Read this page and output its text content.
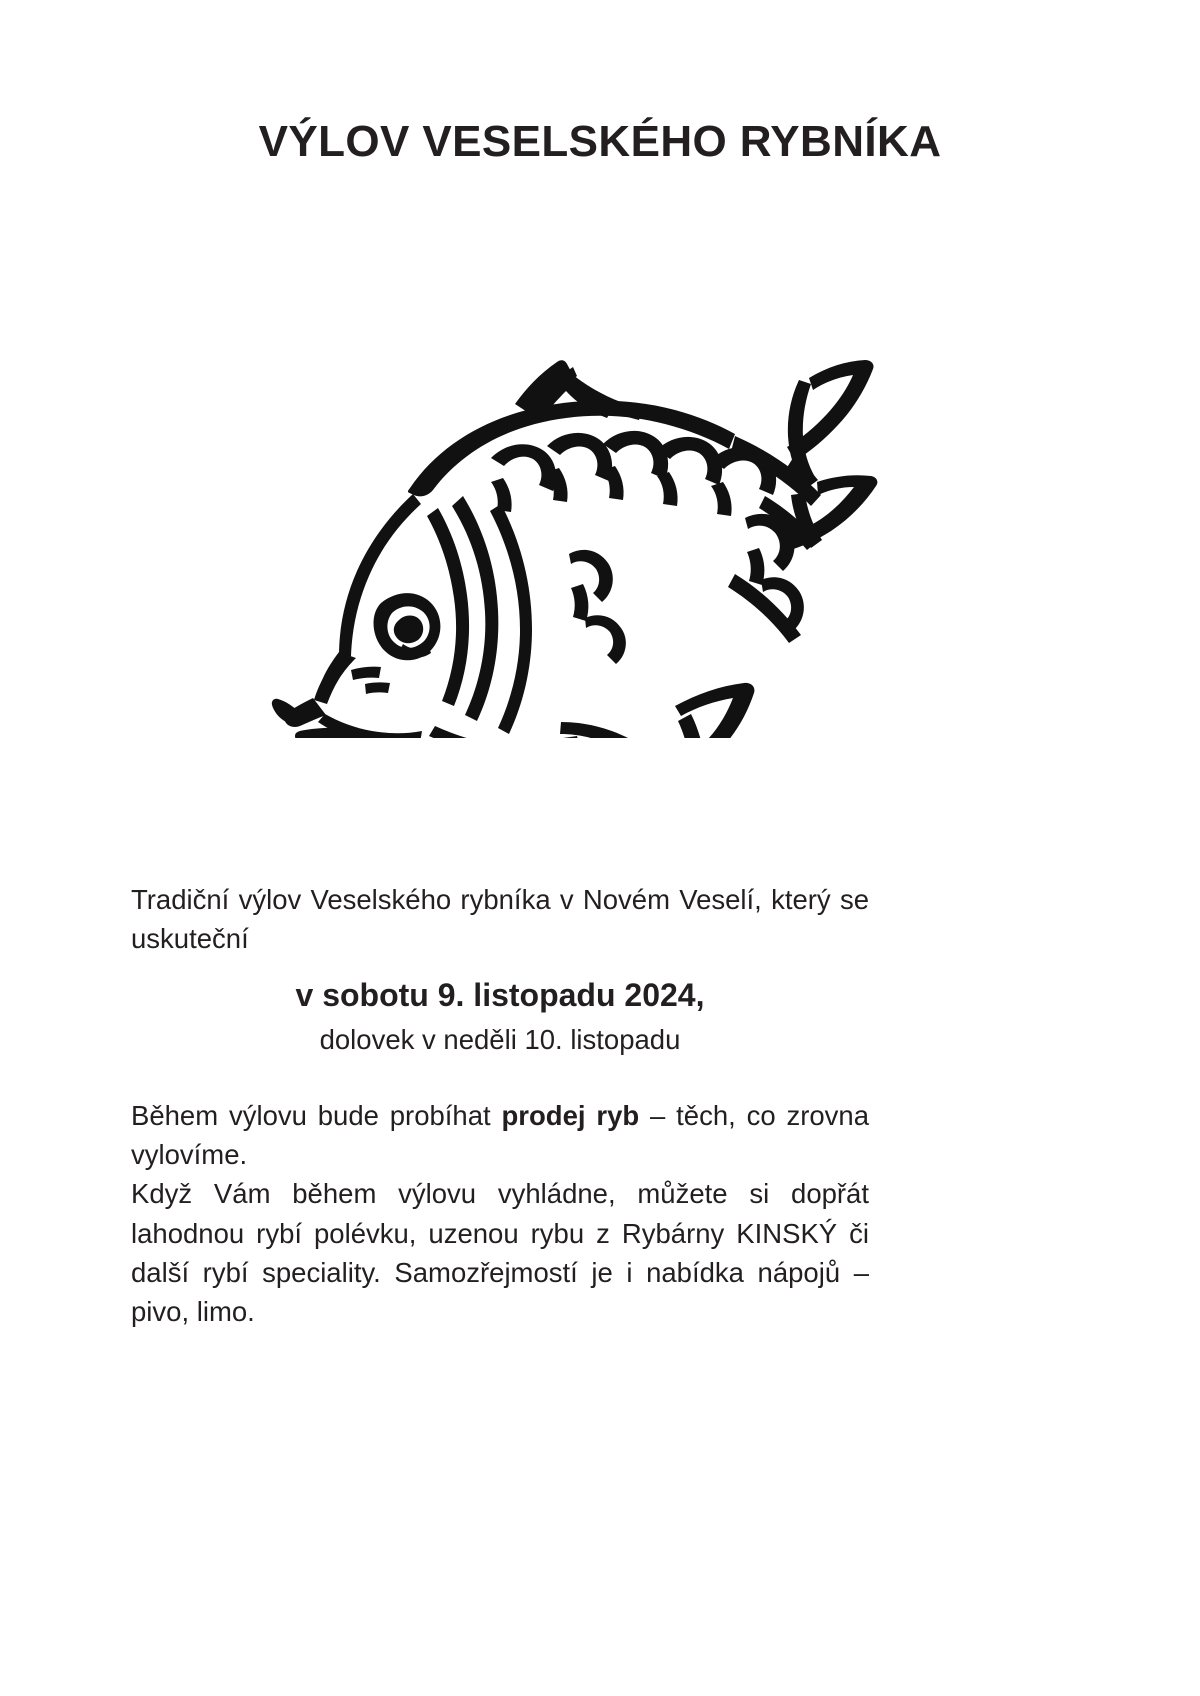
VÝLOV VESELSKÉHO RYBNÍKA

Tradiční výlov Veselského rybníka v Novém Veselí, který se uskuteční

v sobotu 9. listopadu 2024,

dolovek v neděli 10. listopadu

Během výlovu bude probíhat prodej ryb – těch, co zrovna vylovíme.

Když Vám během výlovu vyhládne, můžete si dopřát lahodnou rybí polévku, uzenou rybu z Rybárny KINSKÝ či další rybí speciality. Samozřejmostí je i nabídka nápojů – pivo, limo.
